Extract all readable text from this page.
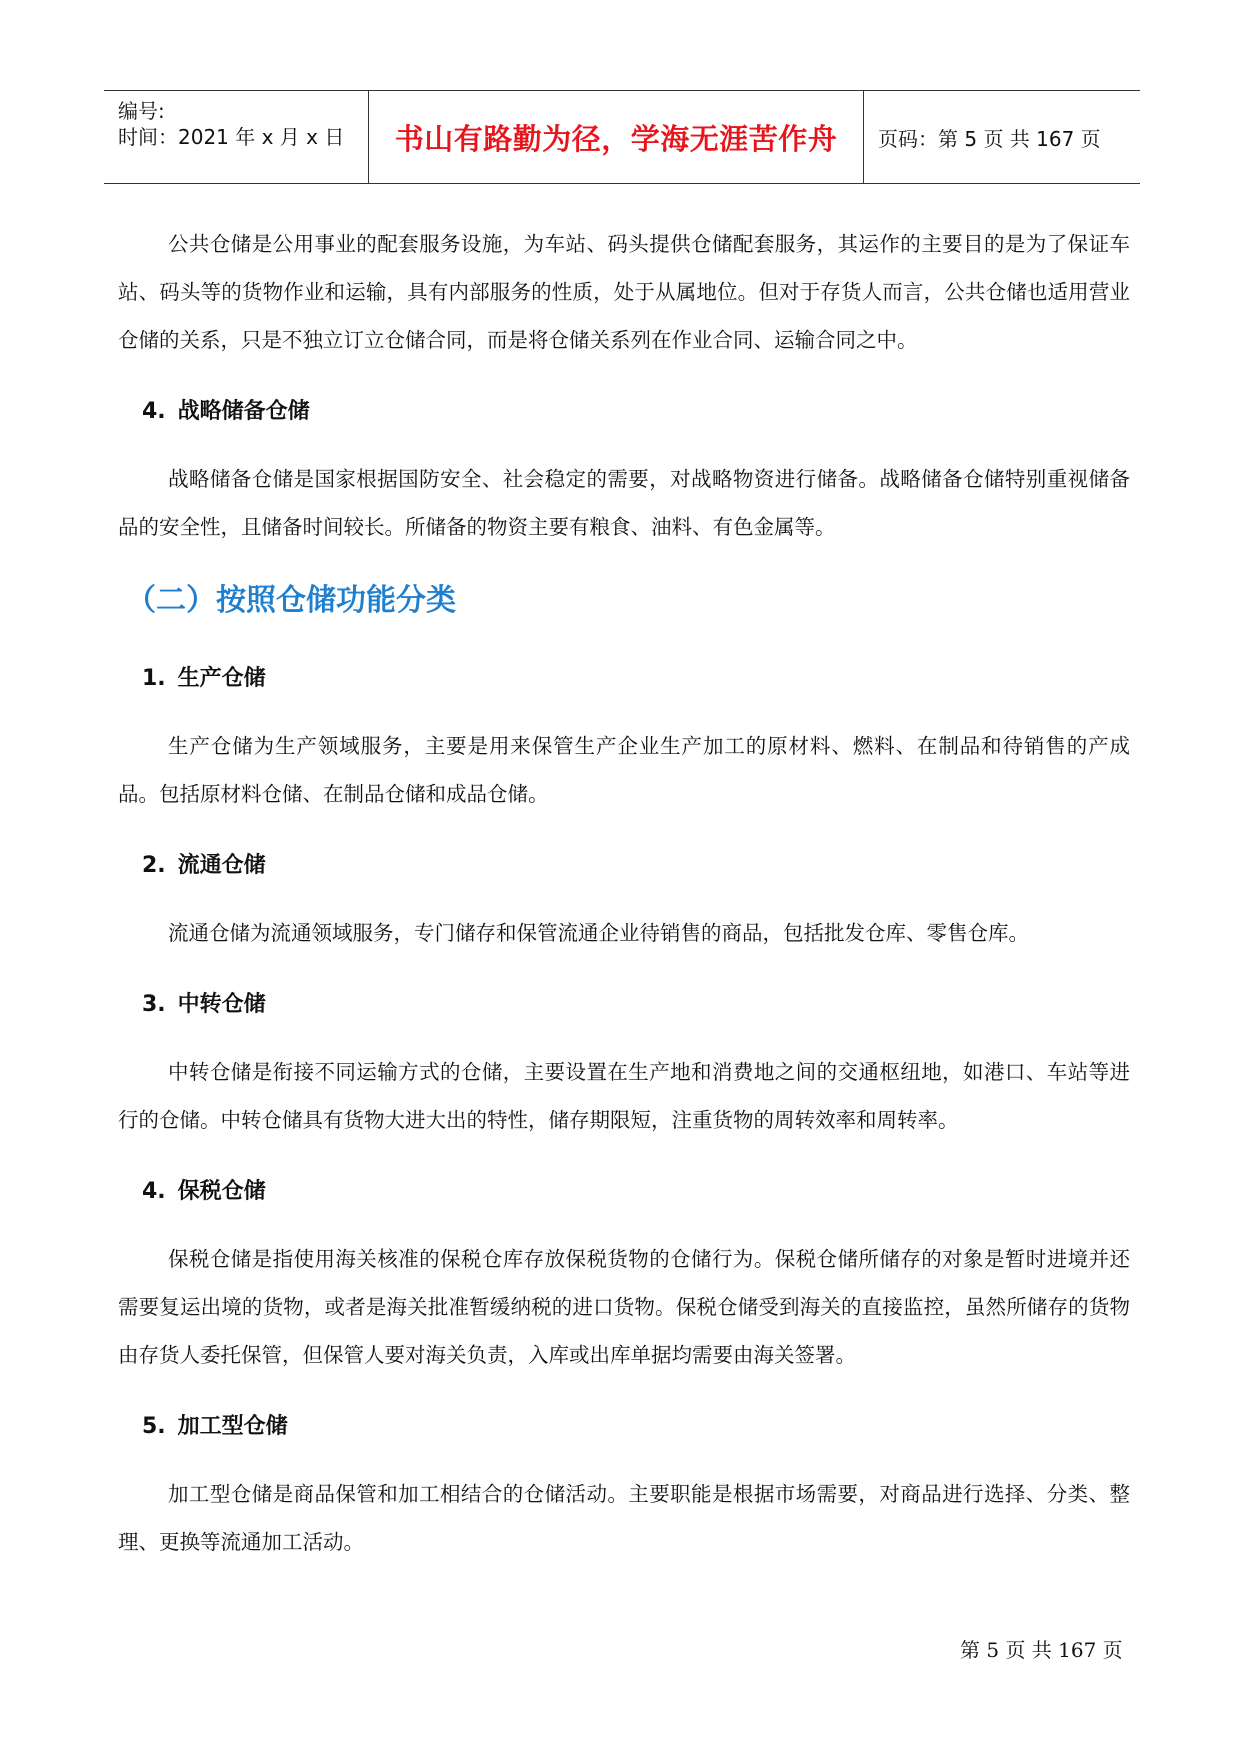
编号:
时间：2021 年 x 月 x 日 书山有路勤为径，学海无涯苦作舟 页码：第 5 页 共 167 页

公共仓储是公用事业的配套服务设施，为车站、码头提供仓储配套服务，其运作的主要目的是为了保证车站、码头等的货物作业和运输，具有内部服务的性质，处于从属地位。但对于存货人而言，公共仓储也适用营业仓储的关系，只是不独立订立仓储合同，而是将仓储关系列在作业合同、运输合同之中。

4. 战略储备仓储

战略储备仓储是国家根据国防安全、社会稳定的需要，对战略物资进行储备。战略储备仓储特别重视储备品的安全性，且储备时间较长。所储备的物资主要有粮食、油料、有色金属等。

（二）按照仓储功能分类
1. 生产仓储

生产仓储为生产领域服务，主要是用来保管生产企业生产加工的原材料、燃料、在制品和待销售的产成品。包括原材料仓储、在制品仓储和成品仓储。

2. 流通仓储

流通仓储为流通领域服务，专门储存和保管流通企业待销售的商品，包括批发仓库、零售仓库。

3. 中转仓储

中转仓储是衔接不同运输方式的仓储，主要设置在生产地和消费地之间的交通枢纽地，如港口、车站等进行的仓储。中转仓储具有货物大进大出的特性，储存期限短，注重货物的周转效率和周转率。

4. 保税仓储

保税仓储是指使用海关核准的保税仓库存放保税货物的仓储行为。保税仓储所储存的对象是暂时进境并还需要复运出境的货物，或者是海关批准暂缓纳税的进口货物。保税仓储受到海关的直接监控，虽然所储存的货物由存货人委托保管，但保管人要对海关负责，入库或出库单据均需要由海关签署。

5. 加工型仓储

加工型仓储是商品保管和加工相结合的仓储活动。主要职能是根据市场需要，对商品进行选择、分类、整理、更换等流通加工活动。

第 5 页 共 167 页
